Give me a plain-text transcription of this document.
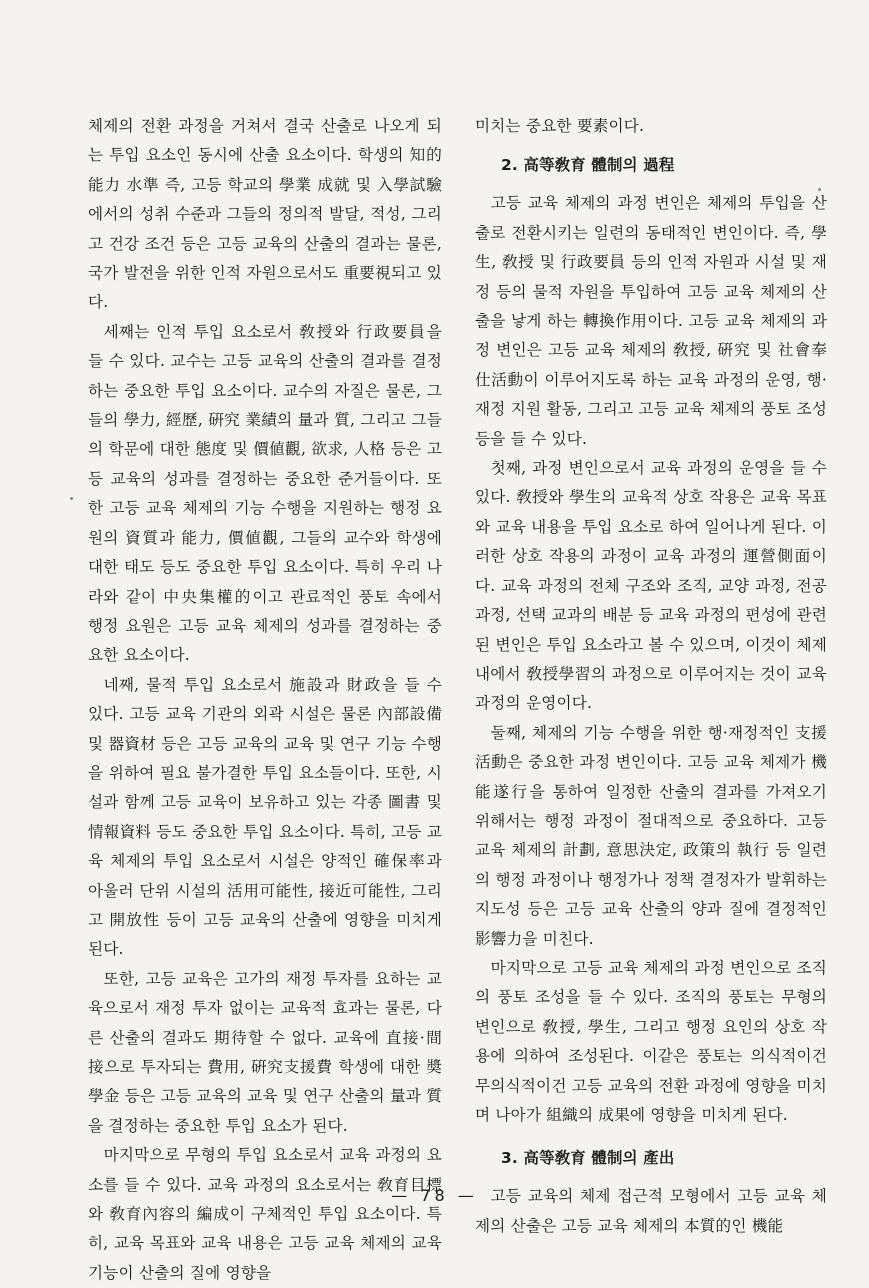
체제의 전환 과정을 거쳐서 결국 산출로 나오게 되는 투입 요소인 동시에 산출 요소이다. 학생의 知的能力 水準 즉, 고등 학교의 學業 成就 및 入學試驗에서의 성취 수준과 그들의 정의적 발달, 적성, 그리고 건강 조건 등은 고등 교육의 산출의 결과는 물론, 국가 발전을 위한 인적 자원으로서도 重要視되고 있다.

세째는 인적 투입 요소로서 敎授와 行政要員을 들 수 있다. 교수는 고등 교육의 산출의 결과를 결정하는 중요한 투입 요소이다. 교수의 자질은 물론, 그들의 學力, 經歷, 硏究 業績의 量과 質, 그리고 그들의 학문에 대한 態度 및 價値觀, 欲求, 人格 등은 고등 교육의 성과를 결정하는 중요한 준거들이다. 또한 고등 교육 체제의 기능 수행을 지원하는 행정 요원의 資質과 能力, 價値觀, 그들의 교수와 학생에 대한 태도 등도 중요한 투입 요소이다. 특히 우리 나라와 같이 中央集權的이고 관료적인 풍토 속에서 행정 요원은 고등 교육 체제의 성과를 결정하는 중요한 요소이다.

네째, 물적 투입 요소로서 施設과 財政을 들 수 있다. 고등 교육 기관의 외곽 시설은 물론 內部設備 및 器資材 등은 고등 교육의 교육 및 연구 기능 수행을 위하여 필요 불가결한 투입 요소들이다. 또한, 시설과 함께 고등 교육이 보유하고 있는 각종 圖書 및 情報資料 등도 중요한 투입 요소이다. 특히, 고등 교육 체제의 투입 요소로서 시설은 양적인 確保率과 아울러 단위 시설의 活用可能性, 接近可能性, 그리고 開放性 등이 고등 교육의 산출에 영향을 미치게 된다.

또한, 고등 교육은 고가의 재정 투자를 요하는 교육으로서 재정 투자 없이는 교육적 효과는 물론, 다른 산출의 결과도 期待할 수 없다. 교육에 直接·間接으로 투자되는 費用, 硏究支援費 학생에 대한 奬學金 등은 고등 교육의 교육 및 연구 산출의 量과 質을 결정하는 중요한 투입 요소가 된다.

마지막으로 무형의 투입 요소로서 교육 과정의 요소를 들 수 있다. 교육 과정의 요소로서는 敎育目標와 敎育內容의 編成이 구체적인 투입 요소이다. 특히, 교육 목표와 교육 내용은 고등 교육 체제의 교육 기능이 산출의 질에 영향을

미치는 중요한 要素이다.

2. 高等敎育 體制의 過程

고등 교육 체제의 과정 변인은 체제의 투입을 산출로 전환시키는 일련의 동태적인 변인이다. 즉, 學生, 敎授 및 行政要員 등의 인적 자원과 시설 및 재정 등의 물적 자원을 투입하여 고등 교육 체제의 산출을 낳게 하는 轉換作用이다. 고등 교육 체제의 과정 변인은 고등 교육 체제의 敎授, 硏究 및 社會奉仕活動이 이루어지도록 하는 교육 과정의 운영, 행·재정 지원 활동, 그리고 고등 교육 체제의 풍토 조성 등을 들 수 있다.

첫째, 과정 변인으로서 교육 과정의 운영을 들 수 있다. 敎授와 學生의 교육적 상호 작용은 교육 목표와 교육 내용을 투입 요소로 하여 일어나게 된다. 이러한 상호 작용의 과정이 교육 과정의 運營側面이다. 교육 과정의 전체 구조와 조직, 교양 과정, 전공 과정, 선택 교과의 배분 등 교육 과정의 편성에 관련된 변인은 투입 요소라고 볼 수 있으며, 이것이 체제 내에서 敎授學習의 과정으로 이루어지는 것이 교육 과정의 운영이다.

둘째, 체제의 기능 수행을 위한 행·재정적인 支援活動은 중요한 과정 변인이다. 고등 교육 체제가 機能遂行을 통하여 일정한 산출의 결과를 가져오기 위해서는 행정 과정이 절대적으로 중요하다. 고등 교육 체제의 計劃, 意思決定, 政策의 執行 등 일련의 행정 과정이나 행정가나 정책 결정자가 발휘하는 지도성 등은 고등 교육 산출의 양과 질에 결정적인 影響力을 미친다.

마지막으로 고등 교육 체제의 과정 변인으로 조직의 풍토 조성을 들 수 있다. 조직의 풍토는 무형의 변인으로 敎授, 學生, 그리고 행정 요인의 상호 작용에 의하여 조성된다. 이같은 풍토는 의식적이건 무의식적이건 고등 교육의 전환 과정에 영향을 미치며 나아가 組織의 成果에 영향을 미치게 된다.

3. 高等敎育 體制의 產出

고등 교육의 체제 접근적 모형에서 고등 교육 체제의 산출은 고등 교육 체제의 本質的인 機能

— 78 —
